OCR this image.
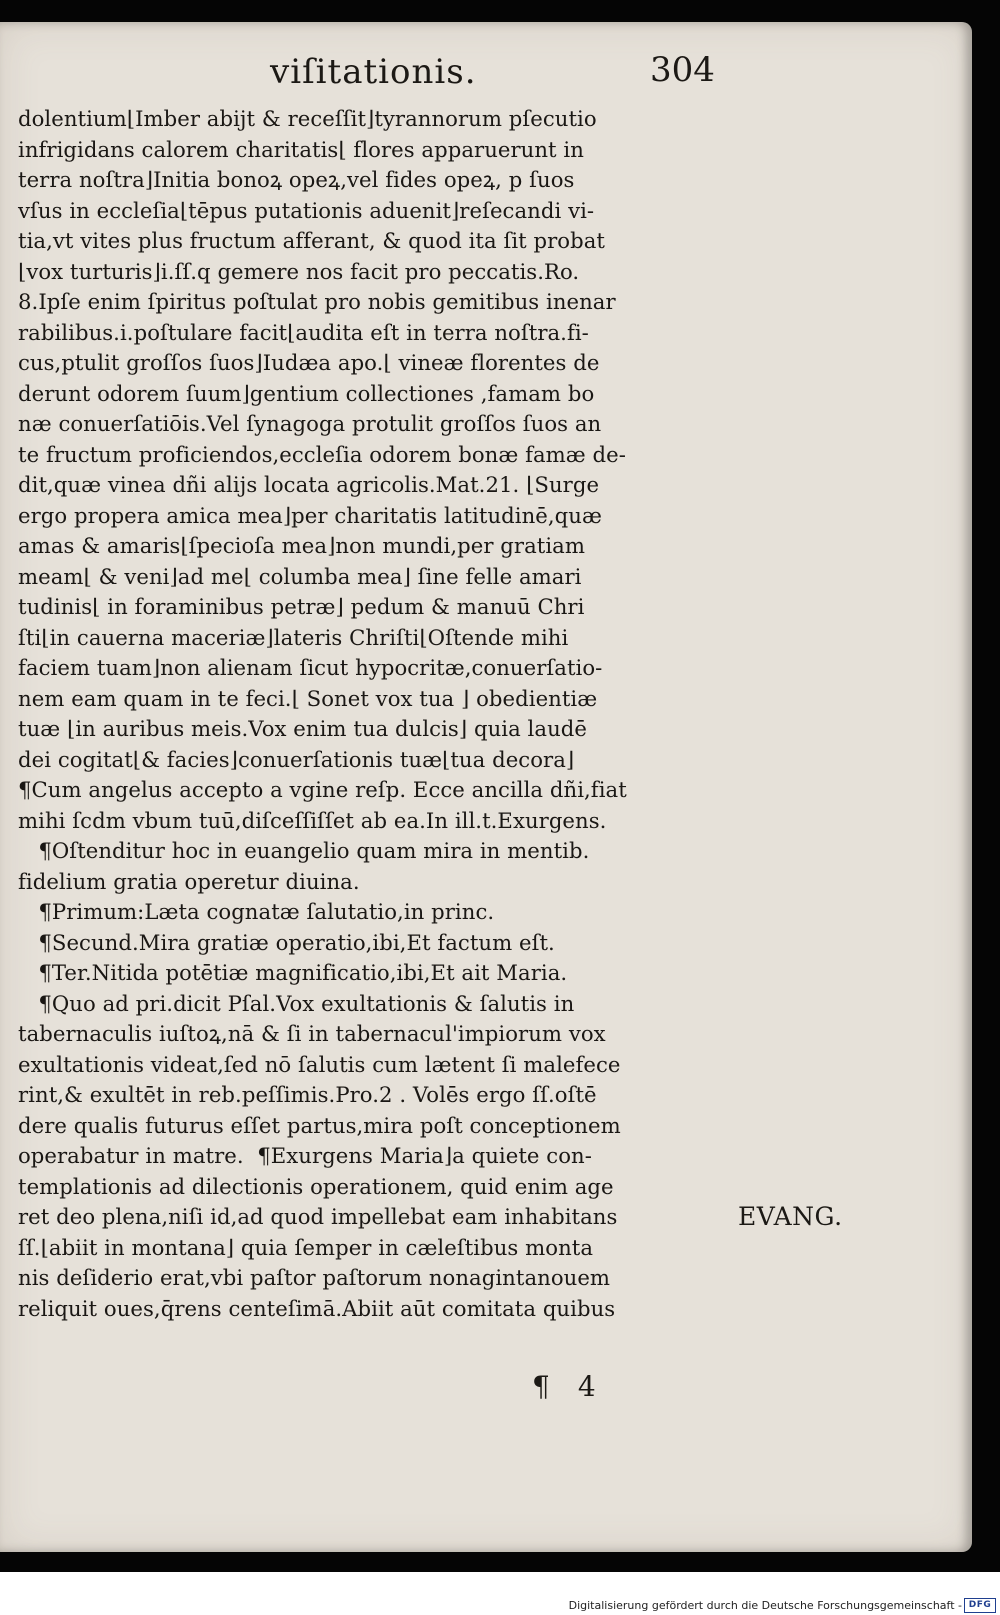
viſitationis.	304
dolentium⌊Imber abijt & receſſit⌋tyrannorum pſecutio
infrigidans calorem charitatis⌊ flores apparuerunt in
terra noſtra⌋Initia bonoꝝ opeꝝ,vel fides opeꝝ, p ſuos
vſus in eccleſia⌊tēpus putationis aduenit⌋reſecandi vi-
tia,vt vites plus fructum afferant, & quod ita ſit probat
⌊vox turturis⌋i.ſſ.q gemere nos facit pro peccatis.Ro.
8.Ipſe enim ſpiritus poſtulat pro nobis gemitibus inenar
rabilibus.i.poſtulare facit⌊audita eſt in terra noſtra.fi-
cus,ptulit groſſos ſuos⌋Iudæa apo.⌊ vineæ florentes de
derunt odorem ſuum⌋gentium collectiones ,famam bo
næ conuerſatiōis.Vel ſynagoga protulit groſſos ſuos an
te fructum proficiendos,eccleſia odorem bonæ famæ de-
dit,quæ vinea dñi alijs locata agricolis.Mat.21. ⌊Surge
ergo propera amica mea⌋per charitatis latitudinē,quæ
amas & amaris⌊ſpecioſa mea⌋non mundi,per gratiam
meam⌊ & veni⌋ad me⌊ columba mea⌋ ſine felle amari
tudinis⌊ in foraminibus petræ⌋ pedum & manuū Chri
ſti⌊in cauerna maceriæ⌋lateris Chriſti⌊Oſtende mihi
faciem tuam⌋non alienam ſicut hypocritæ,conuerſatio-
nem eam quam in te feci.⌊ Sonet vox tua ⌋ obedientiæ
tuæ ⌊in auribus meis.Vox enim tua dulcis⌋ quia laudē
dei cogitat⌊& facies⌋conuerſationis tuæ⌊tua decora⌋
¶Cum angelus accepto a vgine reſp. Ecce ancilla dñi,fiat
mihi ſcdm vbum tuū,diſceſſiſſet ab ea.In ill.t.Exurgens.
¶Oſtenditur hoc in euangelio quam mira in mentib.
fidelium gratia operetur diuina.
¶Primum:Læta cognatæ ſalutatio,in princ.
¶Secund.Mira gratiæ operatio,ibi,Et factum eſt.
¶Ter.Nitida potētiæ magnificatio,ibi,Et ait Maria.
¶Quo ad pri.dicit Pſal.Vox exultationis & ſalutis in
tabernaculis iuſtoꝝ,nā & ſi in tabernacul'impiorum vox
exultationis videat,ſed nō ſalutis cum lætent ſi malefece
rint,& exultēt in reb.peſſimis.Pro.2 . Volēs ergo ſſ.oſtē
dere qualis futurus eſſet partus,mira poſt conceptionem
operabatur in matre.  ¶Exurgens Maria⌋a quiete con-
templationis ad dilectionis operationem, quid enim age
ret deo plena,niſi id,ad quod impellebat eam inhabitans
ſſ.⌊abiit in montana⌋ quia ſemper in cæleſtibus monta
nis deſiderio erat,vbi paſtor paſtorum nonagintanouem
reliquit oues,q̄rens centeſimā.Abiit aūt comitata quibus
EVANG.
¶ 4
Digitalisierung gefördert durch die Deutsche Forschungsgemeinschaft - DFG
